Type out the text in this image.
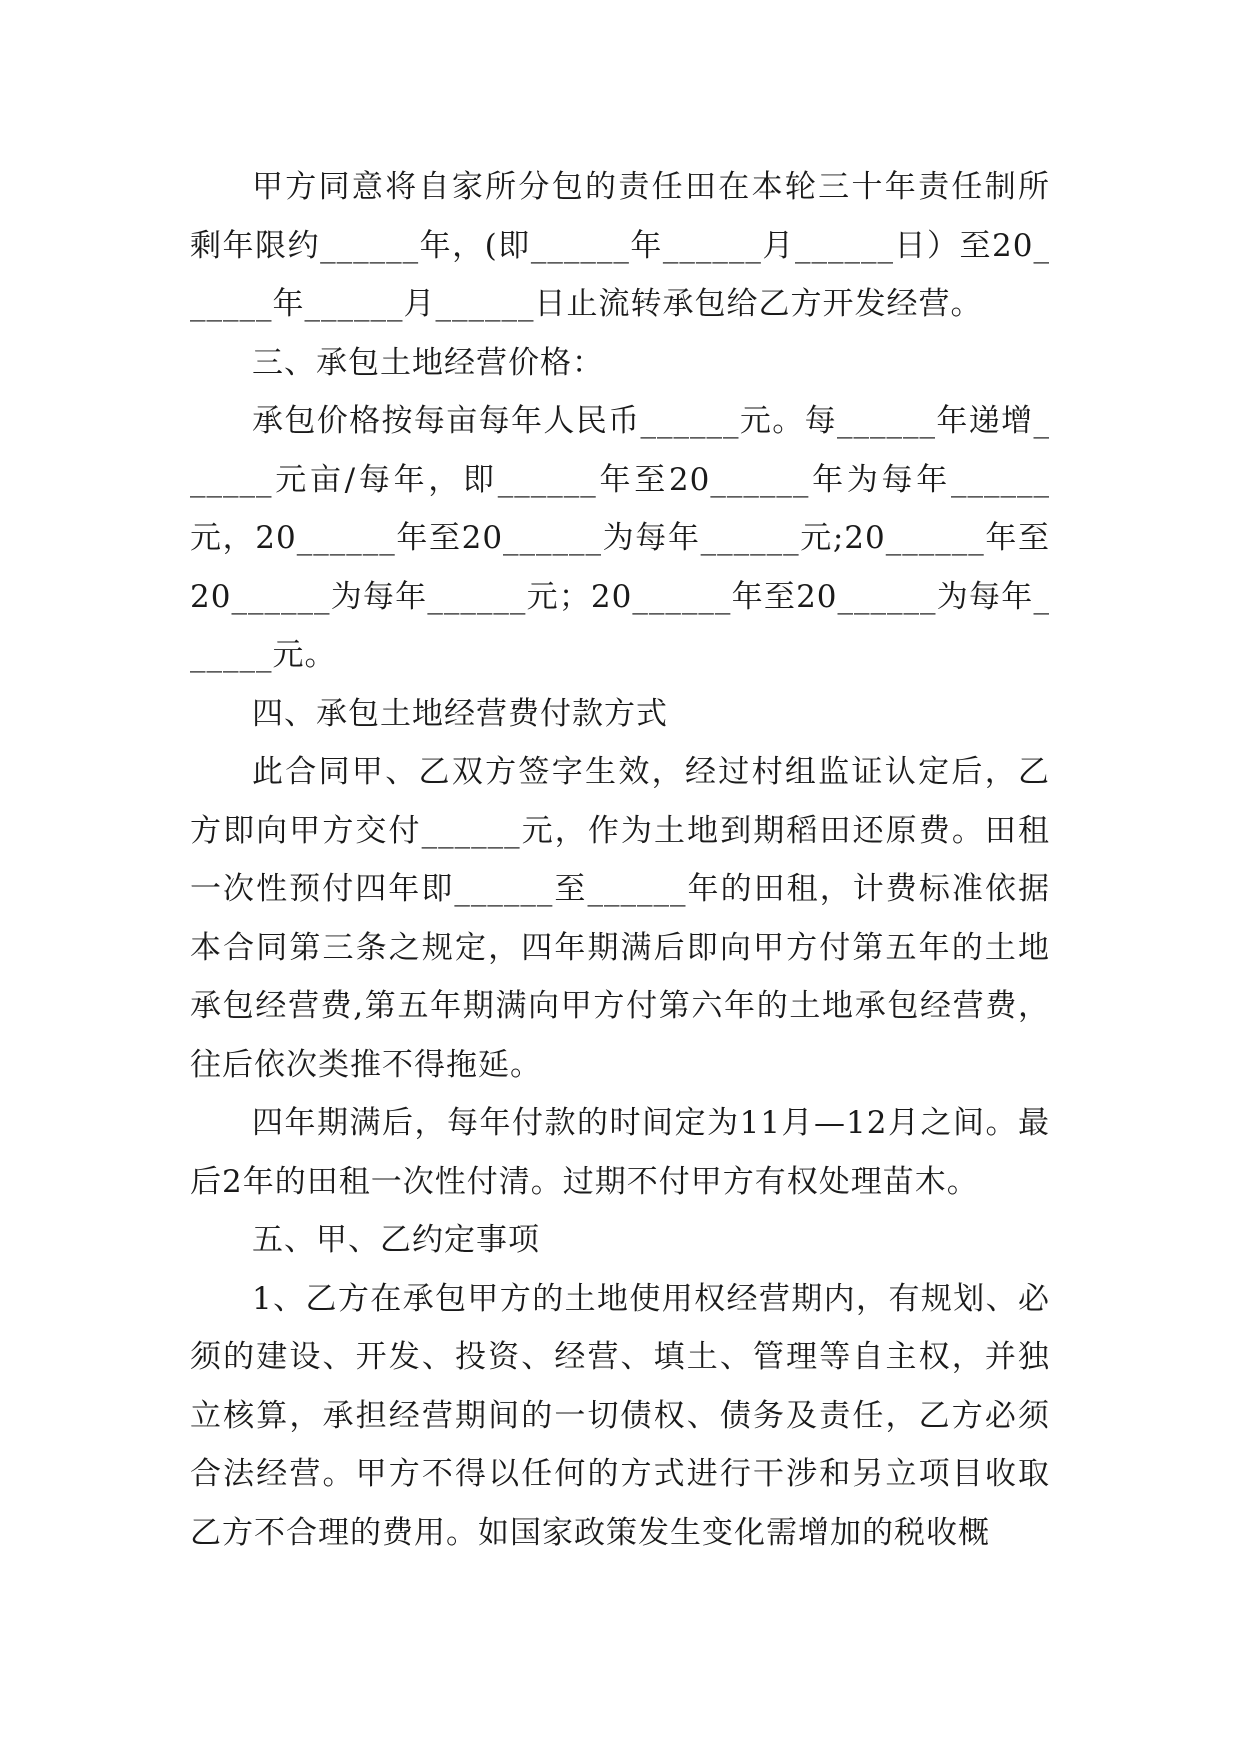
甲方同意将自家所分包的责任田在本轮三十年责任制所剩年限约______年，(即______年______月______日）至20______年______月______日止流转承包给乙方开发经营。

三、承包土地经营价格：

承包价格按每亩每年人民币______元。每______年递增______元亩/每年，即______年至20______年为每年______元，20______年至20______为每年______元;20______年至20______为每年______元；20______年至20______为每年______元。

四、承包土地经营费付款方式

此合同甲、乙双方签字生效，经过村组监证认定后，乙方即向甲方交付______元，作为土地到期稻田还原费。田租一次性预付四年即______至______年的田租，计费标准依据本合同第三条之规定，四年期满后即向甲方付第五年的土地承包经营费,第五年期满向甲方付第六年的土地承包经营费，往后依次类推不得拖延。

四年期满后，每年付款的时间定为11月—12月之间。最后2年的田租一次性付清。过期不付甲方有权处理苗木。

五、甲、乙约定事项

1、乙方在承包甲方的土地使用权经营期内，有规划、必须的建设、开发、投资、经营、填土、管理等自主权，并独立核算，承担经营期间的一切债权、债务及责任，乙方必须合法经营。甲方不得以任何的方式进行干涉和另立项目收取乙方不合理的费用。如国家政策发生变化需增加的税收概
